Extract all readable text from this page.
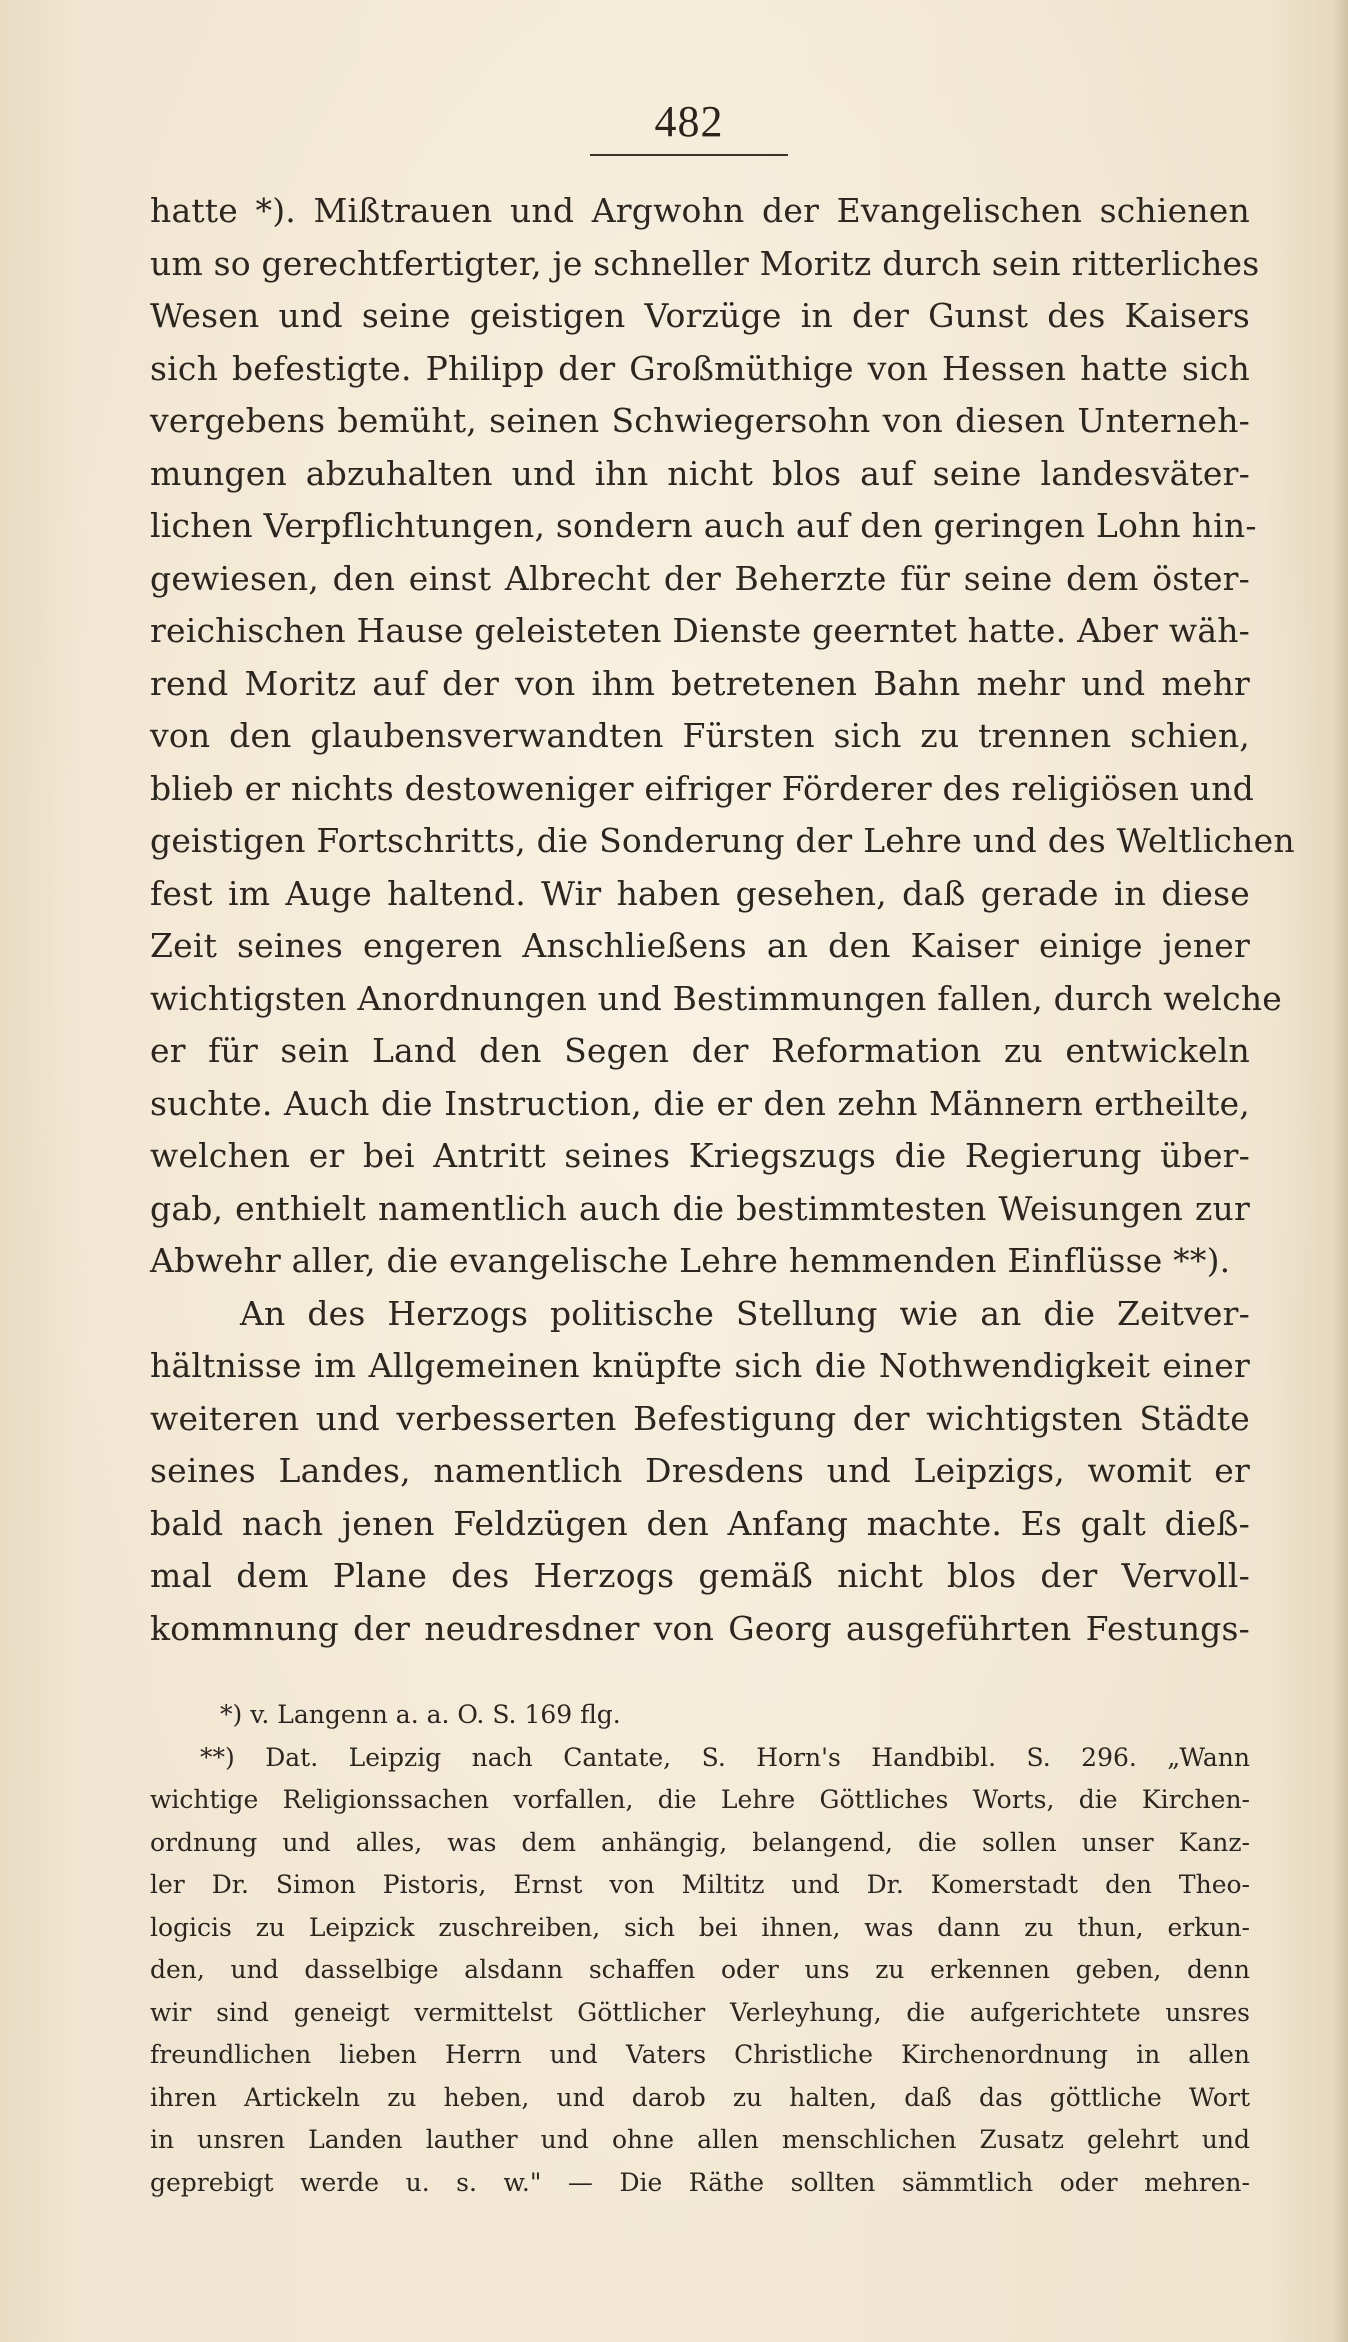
482
hatte *). Mißtrauen und Argwohn der Evangelischen schienen
um so gerechtfertigter, je schneller Moritz durch sein ritterliches
Wesen und seine geistigen Vorzüge in der Gunst des Kaisers
sich befestigte. Philipp der Großmüthige von Hessen hatte sich
vergebens bemüht, seinen Schwiegersohn von diesen Unterneh-
mungen abzuhalten und ihn nicht blos auf seine landesväter-
lichen Verpflichtungen, sondern auch auf den geringen Lohn hin-
gewiesen, den einst Albrecht der Beherzte für seine dem öster-
reichischen Hause geleisteten Dienste geerntet hatte. Aber wäh-
rend Moritz auf der von ihm betretenen Bahn mehr und mehr
von den glaubensverwandten Fürsten sich zu trennen schien,
blieb er nichts destoweniger eifriger Förderer des religiösen und
geistigen Fortschritts, die Sonderung der Lehre und des Weltlichen
fest im Auge haltend. Wir haben gesehen, daß gerade in diese
Zeit seines engeren Anschließens an den Kaiser einige jener
wichtigsten Anordnungen und Bestimmungen fallen, durch welche
er für sein Land den Segen der Reformation zu entwickeln
suchte. Auch die Instruction, die er den zehn Männern ertheilte,
welchen er bei Antritt seines Kriegszugs die Regierung über-
gab, enthielt namentlich auch die bestimmtesten Weisungen zur
Abwehr aller, die evangelische Lehre hemmenden Einflüsse **).
An des Herzogs politische Stellung wie an die Zeitver-
hältnisse im Allgemeinen knüpfte sich die Nothwendigkeit einer
weiteren und verbesserten Befestigung der wichtigsten Städte
seines Landes, namentlich Dresdens und Leipzigs, womit er
bald nach jenen Feldzügen den Anfang machte. Es galt dieß-
mal dem Plane des Herzogs gemäß nicht blos der Vervoll-
kommnung der neudresdner von Georg ausgeführten Festungs-
*) v. Langenn a. a. O. S. 169 flg.
**) Dat. Leipzig nach Cantate, S. Horn's Handbibl. S. 296. „Wann
wichtige Religionssachen vorfallen, die Lehre Göttliches Worts, die Kirchen-
ordnung und alles, was dem anhängig, belangend, die sollen unser Kanz-
ler Dr. Simon Pistoris, Ernst von Miltitz und Dr. Komerstadt den Theo-
logicis zu Leipzick zuschreiben, sich bei ihnen, was dann zu thun, erkun-
den, und dasselbige alsdann schaffen oder uns zu erkennen geben, denn
wir sind geneigt vermittelst Göttlicher Verleyhung, die aufgerichtete unsres
freundlichen lieben Herrn und Vaters Christliche Kirchenordnung in allen
ihren Artickeln zu heben, und darob zu halten, daß das göttliche Wort
in unsren Landen lauther und ohne allen menschlichen Zusatz gelehrt und
geprebigt werde u. s. w." — Die Räthe sollten sämmtlich oder mehren-
